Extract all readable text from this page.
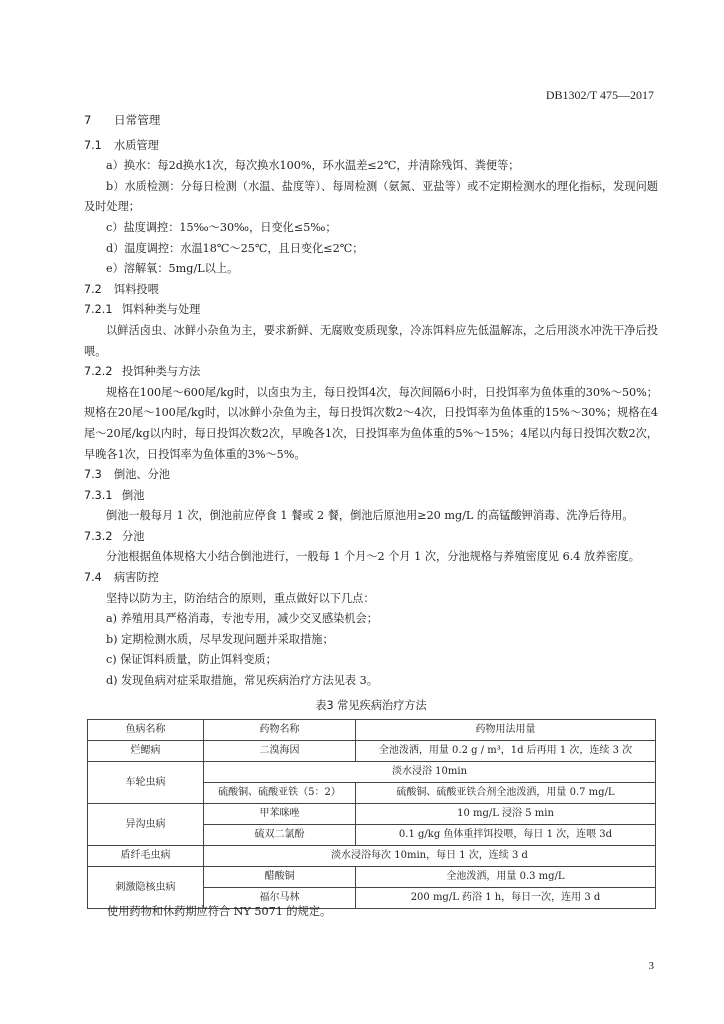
DB1302/T 475—2017
7 日常管理
7.1 水质管理
a）换水：每2d换水1次，每次换水100%，环水温差≤2℃，并清除残饵、粪便等；
b）水质检测：分每日检测（水温、盐度等）、每周检测（氨氮、亚盐等）或不定期检测水的理化指标，发现问题及时处理；
c）盐度调控：15‰～30‰，日变化≤5‰；
d）温度调控：水温18℃～25℃，且日变化≤2℃；
e）溶解氧：5mg/L以上。
7.2 饵料投喂
7.2.1 饵料种类与处理
以鲜活卤虫、冰鲜小杂鱼为主，要求新鲜、无腐败变质现象，冷冻饵料应先低温解冻，之后用淡水冲洗干净后投喂。
7.2.2 投饵种类与方法
规格在100尾～600尾/kg时，以卤虫为主，每日投饵4次，每次间隔6小时，日投饵率为鱼体重的30%～50%；规格在20尾～100尾/kg时，以冰鲜小杂鱼为主，每日投饵次数2～4次，日投饵率为鱼体重的15%～30%；规格在4尾～20尾/kg以内时，每日投饵次数2次，早晚各1次，日投饵率为鱼体重的5%～15%；4尾以内每日投饵次数2次，早晚各1次，日投饵率为鱼体重的3%～5%。
7.3 倒池、分池
7.3.1 倒池
倒池一般每月 1 次，倒池前应停食 1 餐或 2 餐，倒池后原池用≥20 mg/L 的高锰酸钾消毒、洗净后待用。
7.3.2 分池
分池根据鱼体规格大小结合倒池进行，一般每 1 个月～2 个月 1 次，分池规格与养殖密度见 6.4 放养密度。
7.4 病害防控
坚持以防为主，防治结合的原则，重点做好以下几点：
a) 养殖用具严格消毒，专池专用，减少交叉感染机会；
b) 定期检测水质，尽早发现问题并采取措施；
c) 保证饵料质量，防止饵料变质；
d) 发现鱼病对症采取措施，常见疾病治疗方法见表 3。
表3 常见疾病治疗方法
鱼病名称	药物名称	药物用法用量
烂鳃病	二溴海因	全池泼洒，用量 0.2 g / m³，1d 后再用 1 次，连续 3 次
车轮虫病	淡水浸浴 10min	
	硫酸铜、硫酸亚铁（5：2）	硫酸铜、硫酸亚铁合剂全池泼洒，用量 0.7 mg/L
异沟虫病	甲苯咪唑	10 mg/L 浸浴 5 min
	硫双二氯酚	0.1 g/kg 鱼体重拌饵投喂，每日 1 次，连喂 3d
盾纤毛虫病	淡水浸浴每次 10min，每日 1 次，连续 3 d	
刺激隐核虫病	醋酸铜	全池泼洒，用量 0.3 mg/L
	福尔马林	200 mg/L 药浴 1 h，每日一次，连用 3 d
使用药物和休药期应符合 NY 5071 的规定。
3
